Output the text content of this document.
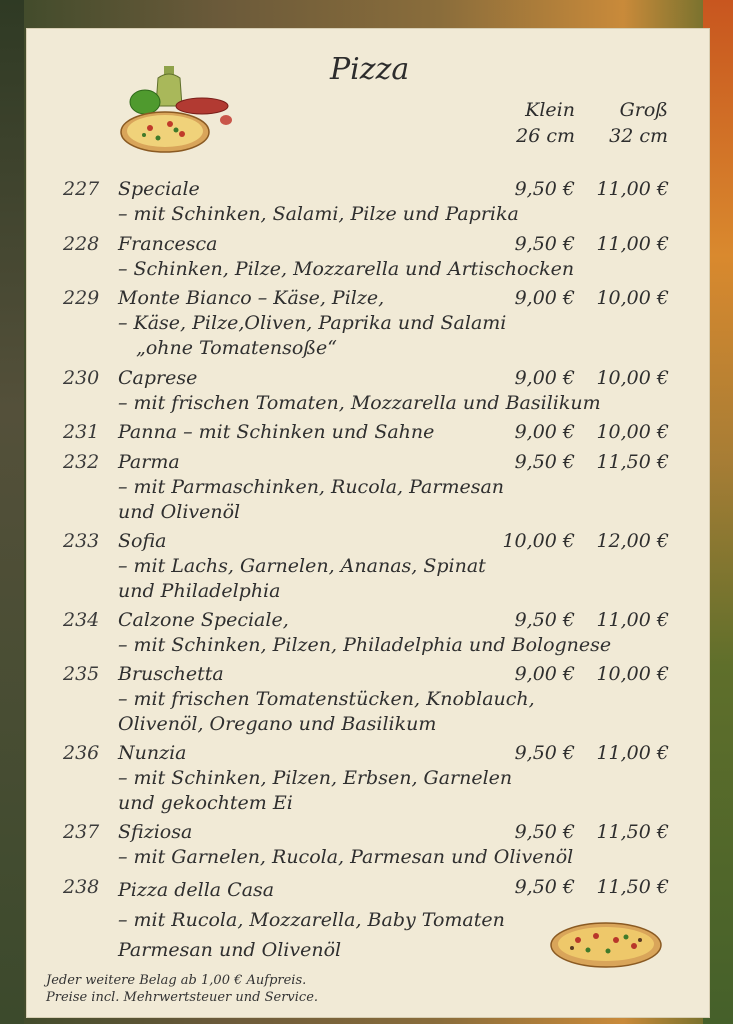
Pizza
Klein
26 cm
Groß
32 cm
227 Speciale
– mit Schinken, Salami, Pilze und Paprika
9,50 € 11,00 €
228 Francesca
– Schinken, Pilze, Mozzarella und Artischocken
9,50 € 11,00 €
229 Monte Bianco – Käse, Pilze,
– Käse, Pilze,Oliven, Paprika und Salami
„ohne Tomatensoße“
9,00 € 10,00 €
230 Caprese
– mit frischen Tomaten, Mozzarella und Basilikum
9,00 € 10,00 €
231 Panna – mit Schinken und Sahne	9,00 € 10,00 €
232 Parma
– mit Parmaschinken, Rucola, Parmesan
und Olivenöl
9,50 € 11,50 €
233 Sofia
– mit Lachs, Garnelen, Ananas, Spinat
und Philadelphia
10,00 € 12,00 €
234 Calzone Speciale,
– mit Schinken, Pilzen, Philadelphia und Bolognese
9,50 € 11,00 €
235 Bruschetta
– mit frischen Tomatenstücken, Knoblauch,
Olivenöl, Oregano und Basilikum
9,00 € 10,00 €
236 Nunzia
– mit Schinken, Pilzen, Erbsen, Garnelen
und gekochtem Ei
9,50 € 11,00 €
237 Sfiziosa
– mit Garnelen, Rucola, Parmesan und Olivenöl
9,50 € 11,50 €
238 Pizza della Casa
– mit Rucola, Mozzarella, Baby Tomaten
Parmesan und Olivenöl
9,50 € 11,50 €
Jeder weitere Belag ab 1,00 € Aufpreis.
Preise incl. Mehrwertsteuer und Service.
